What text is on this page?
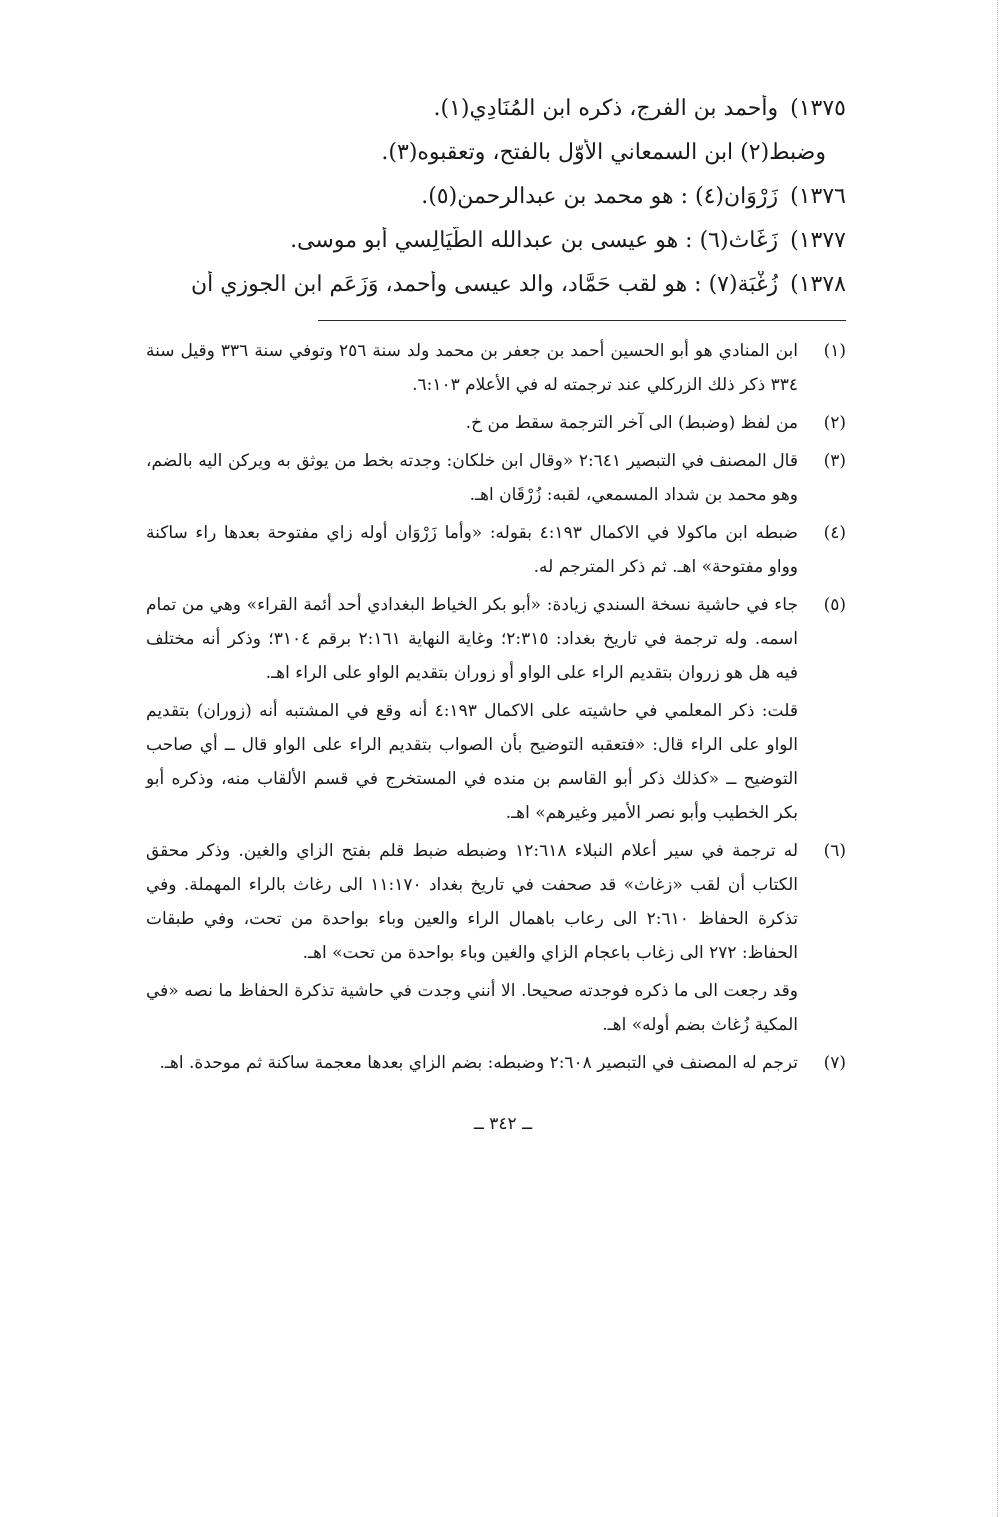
١٣٧٥)
وأحمد بن الفرج، ذكره ابن المُنَادِي(١).
وضبط(٢) ابن السمعاني الأوّل بالفتح، وتعقبوه(٣).
١٣٧٦)
زَرْوَان(٤) : هو محمد بن عبدالرحمن(٥).
١٣٧٧)
زَغَاث(٦) : هو عيسى بن عبدالله الطَّيَالِسي أبو موسى.
١٣٧٨)
زُغْبَة(٧) : هو لقب حَمَّاد، والد عيسى وأحمد، وَزَعَم ابن الجوزي أن
(١)

ابن المنادي هو أبو الحسين أحمد بن جعفر بن محمد ولد سنة ٢٥٦ وتوفي سنة ٣٣٦ وقيل سنة ٣٣٤ ذكر ذلك الزركلي عند ترجمته له في الأعلام ٦:١٠٣.

(٢)

من لفظ (وضبط) الى آخر الترجمة سقط من خ.

(٣)

قال المصنف في التبصير ٢:٦٤١ «وقال ابن خلكان: وجدته بخط من يوثق به ويركن اليه بالضم، وهو محمد بن شداد المسمعي، لقبه: زُرْقَان اهـ.

(٤)

ضبطه ابن ماكولا في الاكمال ٤:١٩٣ بقوله: «وأما زَرْوَان أوله زاي مفتوحة بعدها راء ساكنة وواو مفتوحة» اهـ. ثم ذكر المترجم له.

(٥)

جاء في حاشية نسخة السندي زيادة: «أبو بكر الخياط البغدادي أحد أئمة القراء» وهي من تمام اسمه. وله ترجمة في تاريخ بغداد: ٢:٣١٥؛ وغاية النهاية ٢:١٦١ برقم ٣١٠٤؛ وذكر أنه مختلف فيه هل هو زروان بتقديم الراء على الواو أو زوران بتقديم الواو على الراء اهـ.

قلت: ذكر المعلمي في حاشيته على الاكمال ٤:١٩٣ أنه وقع في المشتبه أنه (زوران) بتقديم الواو على الراء قال: «فتعقبه التوضيح بأن الصواب بتقديم الراء على الواو قال ــ أي صاحب التوضيح ــ «كذلك ذكر أبو القاسم بن منده في المستخرج في قسم الألقاب منه، وذكره أبو بكر الخطيب وأبو نصر الأمير وغيرهم» اهـ.

(٦)

له ترجمة في سير أعلام النبلاء ١٢:٦١٨ وضبطه ضبط قلم بفتح الزاي والغين. وذكر محقق الكتاب أن لقب «زغاث» قد صحفت في تاريخ بغداد ١١:١٧٠ الى رغاث بالراء المهملة. وفي تذكرة الحفاظ ٢:٦١٠ الى رعاب باهمال الراء والعين وباء بواحدة من تحت، وفي طبقات الحفاظ: ٢٧٢ الى زغاب باعجام الزاي والغين وباء بواحدة من تحت» اهـ.

وقد رجعت الى ما ذكره فوجدته صحيحا. الا أنني وجدت في حاشية تذكرة الحفاظ ما نصه «في المكية زُغاث بضم أوله» اهـ.

(٧)

ترجم له المصنف في التبصير ٢:٦٠٨ وضبطه: بضم الزاي بعدها معجمة ساكنة ثم موحدة. اهـ.

ــ ٣٤٢ ــ
